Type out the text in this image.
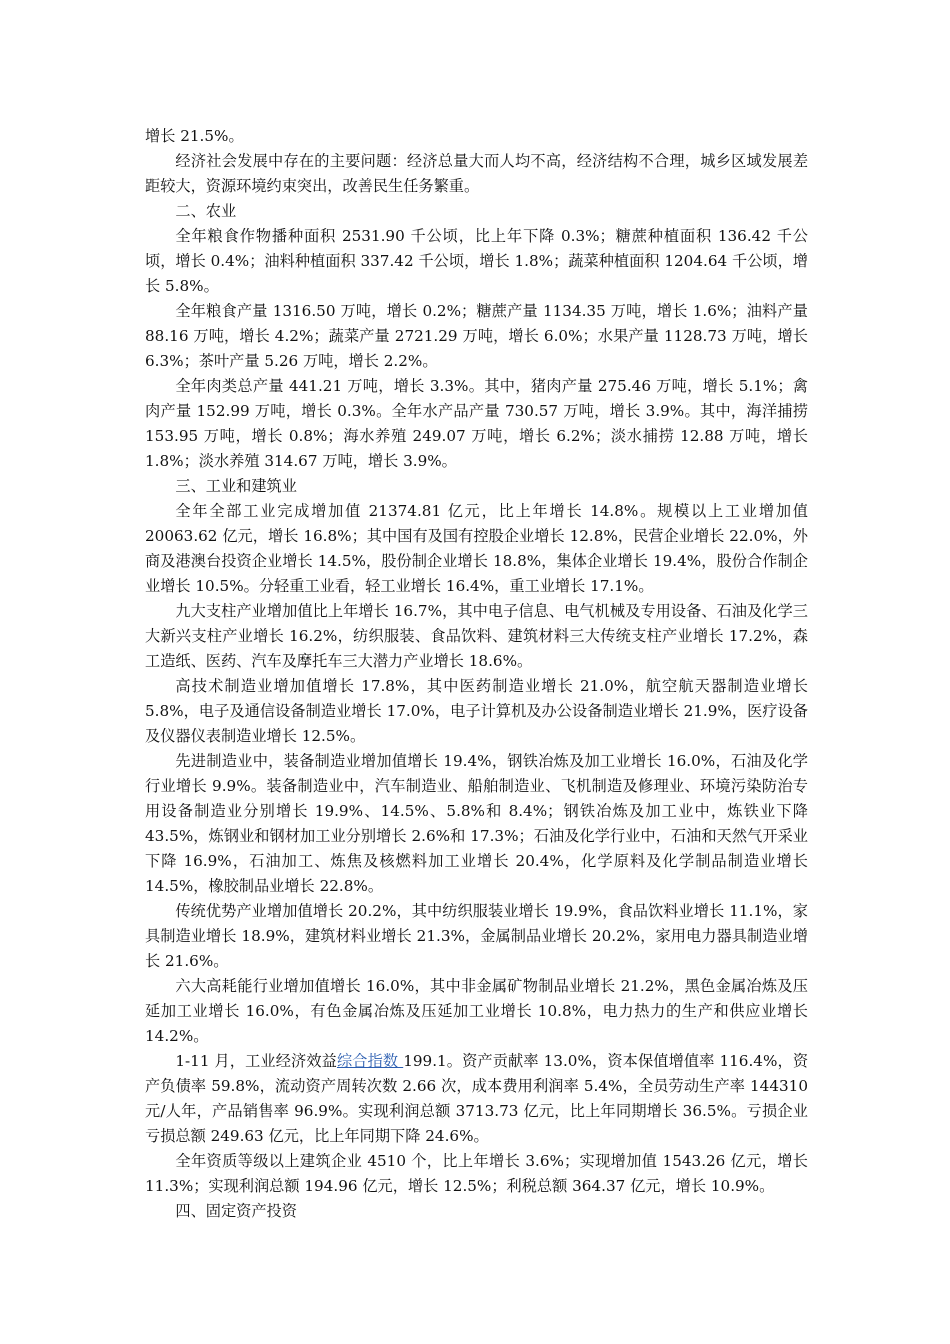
增长 21.5%。

经济社会发展中存在的主要问题：经济总量大而人均不高，经济结构不合理，城乡区域发展差距较大，资源环境约束突出，改善民生任务繁重。

二、农业

全年粮食作物播种面积 2531.90 千公顷，比上年下降 0.3%；糖蔗种植面积 136.42 千公顷，增长 0.4%；油料种植面积 337.42 千公顷，增长 1.8%；蔬菜种植面积 1204.64 千公顷，增长 5.8%。

全年粮食产量 1316.50 万吨，增长 0.2%；糖蔗产量 1134.35 万吨，增长 1.6%；油料产量 88.16 万吨，增长 4.2%；蔬菜产量 2721.29 万吨，增长 6.0%；水果产量 1128.73 万吨，增长 6.3%；茶叶产量 5.26 万吨，增长 2.2%。

全年肉类总产量 441.21 万吨，增长 3.3%。其中，猪肉产量 275.46 万吨，增长 5.1%；禽肉产量 152.99 万吨，增长 0.3%。全年水产品产量 730.57 万吨，增长 3.9%。其中，海洋捕捞 153.95 万吨，增长 0.8%；海水养殖 249.07 万吨，增长 6.2%；淡水捕捞 12.88 万吨，增长 1.8%；淡水养殖 314.67 万吨，增长 3.9%。

三、工业和建筑业

全年全部工业完成增加值 21374.81 亿元，比上年增长 14.8%。规模以上工业增加值 20063.62 亿元，增长 16.8%；其中国有及国有控股企业增长 12.8%，民营企业增长 22.0%，外商及港澳台投资企业增长 14.5%，股份制企业增长 18.8%，集体企业增长 19.4%，股份合作制企业增长 10.5%。分轻重工业看，轻工业增长 16.4%，重工业增长 17.1%。

九大支柱产业增加值比上年增长 16.7%，其中电子信息、电气机械及专用设备、石油及化学三大新兴支柱产业增长 16.2%，纺织服装、食品饮料、建筑材料三大传统支柱产业增长 17.2%，森工造纸、医药、汽车及摩托车三大潜力产业增长 18.6%。

高技术制造业增加值增长 17.8%，其中医药制造业增长 21.0%，航空航天器制造业增长 5.8%，电子及通信设备制造业增长 17.0%，电子计算机及办公设备制造业增长 21.9%，医疗设备及仪器仪表制造业增长 12.5%。

先进制造业中，装备制造业增加值增长 19.4%，钢铁冶炼及加工业增长 16.0%，石油及化学行业增长 9.9%。装备制造业中，汽车制造业、船舶制造业、飞机制造及修理业、环境污染防治专用设备制造业分别增长 19.9%、14.5%、5.8%和 8.4%；钢铁冶炼及加工业中，炼铁业下降 43.5%，炼钢业和钢材加工业分别增长 2.6%和 17.3%；石油及化学行业中，石油和天然气开采业下降 16.9%，石油加工、炼焦及核燃料加工业增长 20.4%，化学原料及化学制品制造业增长 14.5%，橡胶制品业增长 22.8%。

传统优势产业增加值增长 20.2%，其中纺织服装业增长 19.9%，食品饮料业增长 11.1%，家具制造业增长 18.9%，建筑材料业增长 21.3%，金属制品业增长 20.2%，家用电力器具制造业增长 21.6%。

六大高耗能行业增加值增长 16.0%，其中非金属矿物制品业增长 21.2%，黑色金属冶炼及压延加工业增长 16.0%，有色金属冶炼及压延加工业增长 10.8%，电力热力的生产和供应业增长 14.2%。

1-11 月，工业经济效益综合指数 199.1。资产贡献率 13.0%，资本保值增值率 116.4%，资产负债率 59.8%，流动资产周转次数 2.66 次，成本费用利润率 5.4%，全员劳动生产率 144310 元/人年，产品销售率 96.9%。实现利润总额 3713.73 亿元，比上年同期增长 36.5%。亏损企业亏损总额 249.63 亿元，比上年同期下降 24.6%。

全年资质等级以上建筑企业 4510 个，比上年增长 3.6%；实现增加值 1543.26 亿元，增长 11.3%；实现利润总额 194.96 亿元，增长 12.5%；利税总额 364.37 亿元，增长 10.9%。

四、固定资产投资
